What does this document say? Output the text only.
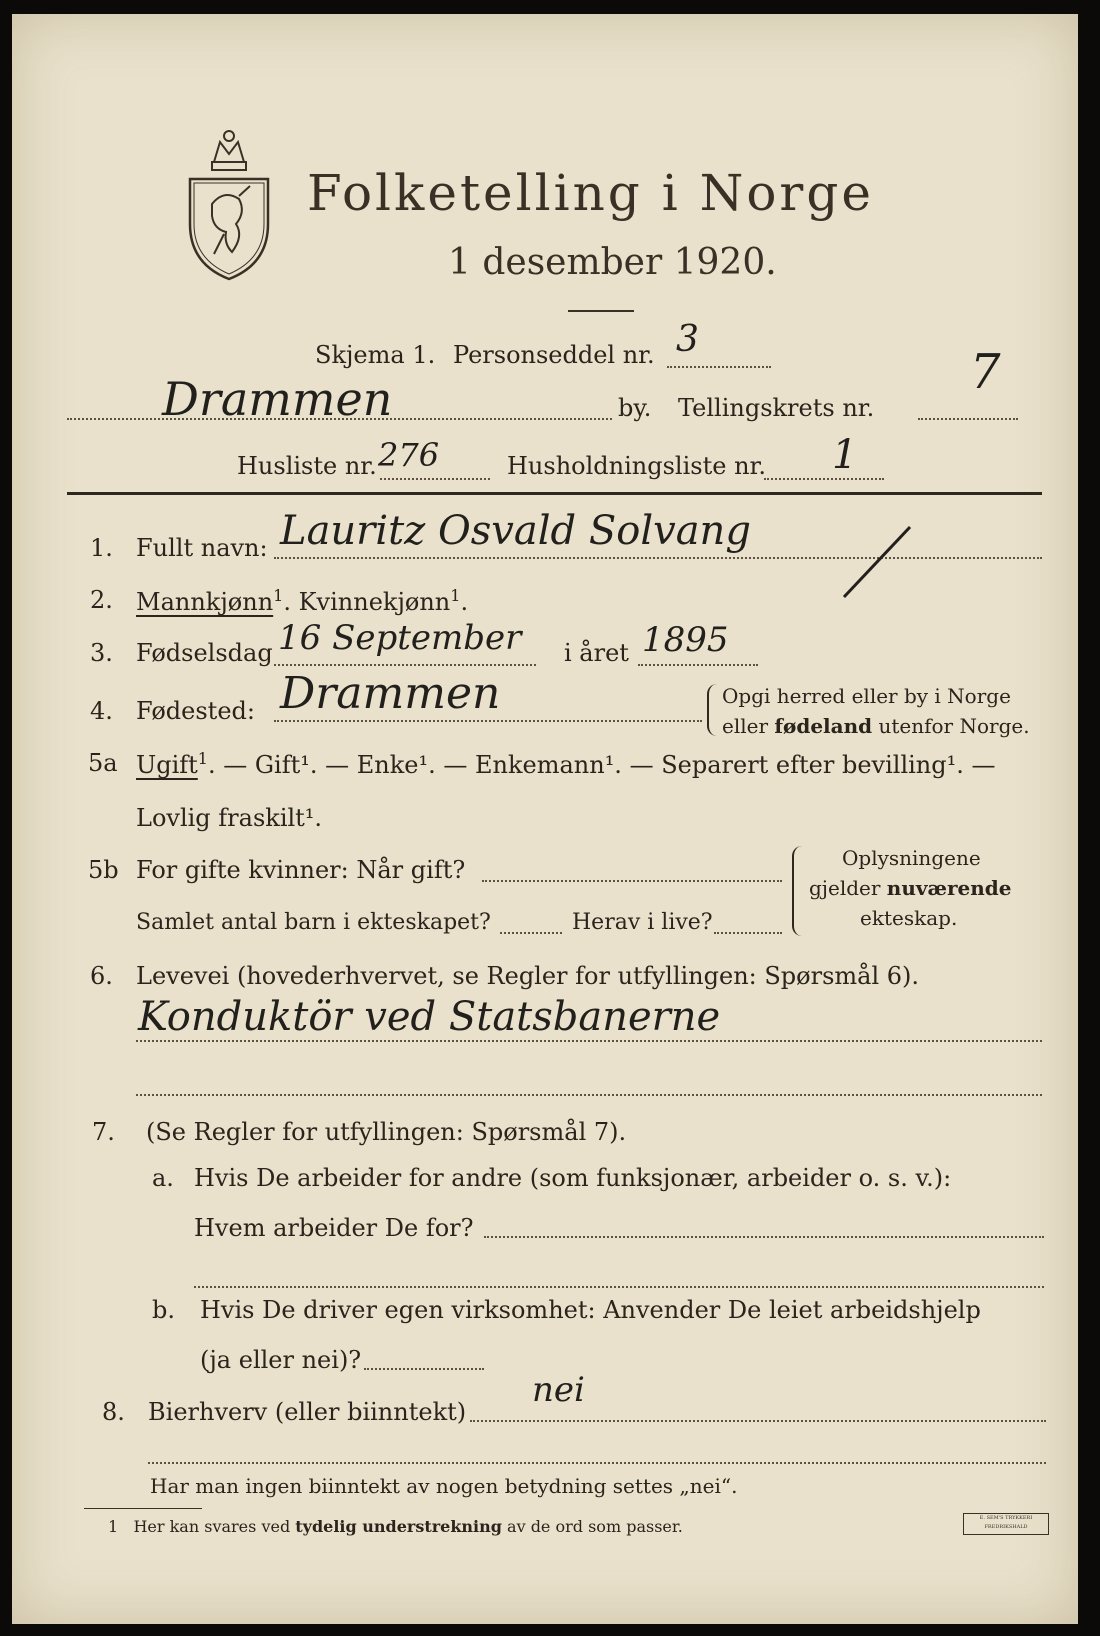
Folketelling i Norge
1 desember 1920.
Skjema 1. Personseddel nr. 3
Drammen	by. Tellingskrets nr.
7
Husliste nr. 276	Husholdningsliste nr. 1
1. Fullt navn: Lauritz Osvald Solvang
2. Mannkjønn$^1$. Kvinnekjønn$^1$.
3. Fødselsdag 16 September i året 1895
4. Fødested: Drammen	Opgi herred eller by i Norge
eller fødeland utenfor Norge.
5a Ugift$^1$. — Gift¹. — Enke¹. — Enkemann¹. — Separert efter bevilling¹. —
Lovlig fraskilt¹.
5b For gifte kvinner: Når gift?
Samlet antal barn i ekteskapet?	Herav i live?
Oplysningene
gjelder nuværende
ekteskap.
6. Levevei (hovederhvervet, se Regler for utfyllingen: Spørsmål 6).
Konduktör ved Statsbanerne
7. (Se Regler for utfyllingen: Spørsmål 7).
a. Hvis De arbeider for andre (som funksjonær, arbeider o. s. v.):
Hvem arbeider De for?
b. Hvis De driver egen virksomhet: Anvender De leiet arbeidshjelp
(ja eller nei)?
8. Bierhverv (eller biinntekt)
nei
Har man ingen biinntekt av nogen betydning settes „nei“.
1 Her kan svares ved tydelig understrekning av de ord som passer.	E. SEM'S TRYKKERI FREDRIKSHALD
